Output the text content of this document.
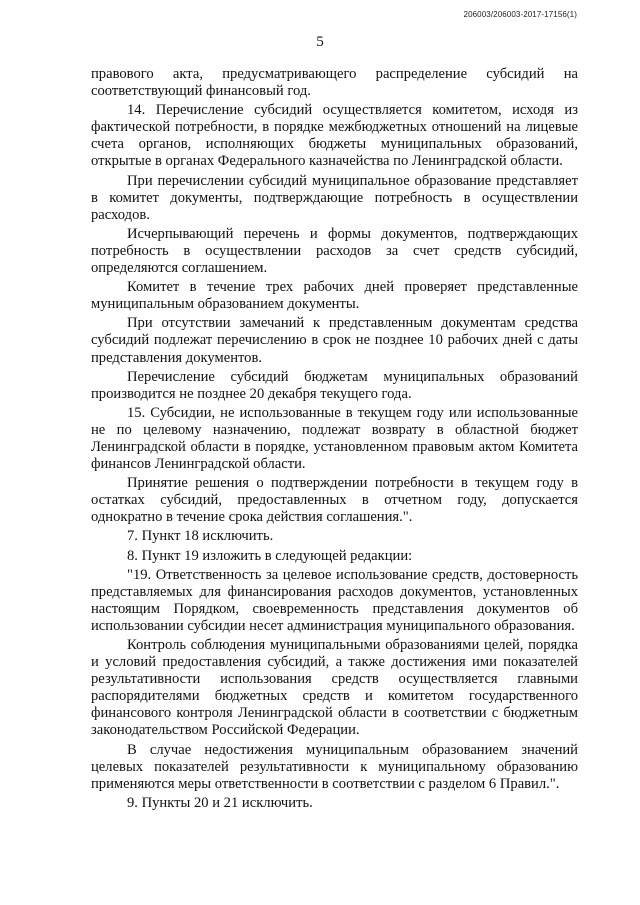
206003/206003-2017-17156(1)
5

правового акта, предусматривающего распределение субсидий на соответствующий финансовый год.

14. Перечисление субсидий осуществляется комитетом, исходя из фактической потребности, в порядке межбюджетных отношений на лицевые счета органов, исполняющих бюджеты муниципальных образований, открытые в органах Федерального казначейства по Ленинградской области.

При перечислении субсидий муниципальное образование представляет в комитет документы, подтверждающие потребность в осуществлении расходов.

Исчерпывающий перечень и формы документов, подтверждающих потребность в осуществлении расходов за счет средств субсидий, определяются соглашением.

Комитет в течение трех рабочих дней проверяет представленные муниципальным образованием документы.

При отсутствии замечаний к представленным документам средства субсидий подлежат перечислению в срок не позднее 10 рабочих дней с даты представления документов.

Перечисление субсидий бюджетам муниципальных образований производится не позднее 20 декабря текущего года.

15. Субсидии, не использованные в текущем году или использованные не по целевому назначению, подлежат возврату в областной бюджет Ленинградской области в порядке, установленном правовым актом Комитета финансов Ленинградской области.

Принятие решения о подтверждении потребности в текущем году в остатках субсидий, предоставленных в отчетном году, допускается однократно в течение срока действия соглашения.".

7. Пункт 18 исключить.

8. Пункт 19 изложить в следующей редакции:

"19. Ответственность за целевое использование средств, достоверность представляемых для финансирования расходов документов, установленных настоящим Порядком, своевременность представления документов об использовании субсидии несет администрация муниципального образования.

Контроль соблюдения муниципальными образованиями целей, порядка и условий предоставления субсидий, а также достижения ими показателей результативности использования средств осуществляется главными распорядителями бюджетных средств и комитетом государственного финансового контроля Ленинградской области в соответствии с бюджетным законодательством Российской Федерации.

В случае недостижения муниципальным образованием значений целевых показателей результативности к муниципальному образованию применяются меры ответственности в соответствии с разделом 6 Правил.".

9. Пункты 20 и 21 исключить.
